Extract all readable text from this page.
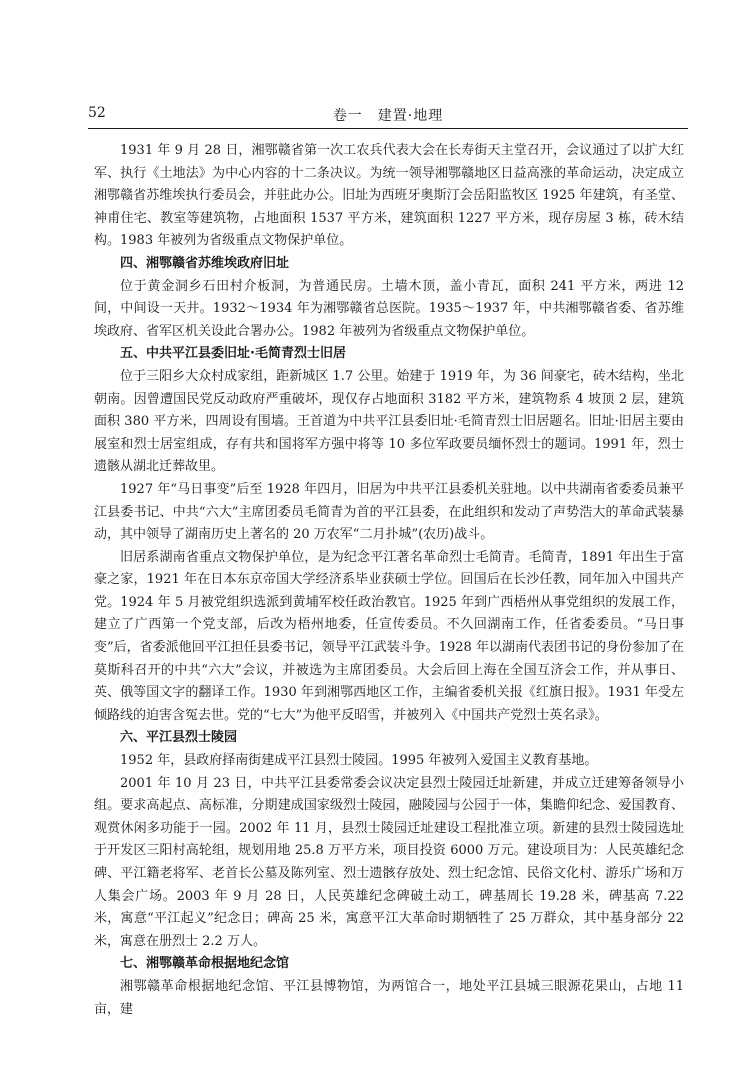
52	卷一　建置·地理

1931 年 9 月 28 日，湘鄂赣省第一次工农兵代表大会在长寿街天主堂召开，会议通过了以扩大红军、执行《土地法》为中心内容的十二条决议。为统一领导湘鄂赣地区日益高涨的革命运动，决定成立湘鄂赣省苏维埃执行委员会，并驻此办公。旧址为西班牙奥斯汀会岳阳监牧区 1925 年建筑，有圣堂、神甫住宅、教室等建筑物，占地面积 1537 平方米，建筑面积 1227 平方米，现存房屋 3 栋，砖木结构。1983 年被列为省级重点文物保护单位。

四、湘鄂赣省苏维埃政府旧址

位于黄金洞乡石田村介板洞，为普通民房。土墙木顶，盖小青瓦，面积 241 平方米，两进 12 间，中间设一天井。1932～1934 年为湘鄂赣省总医院。1935～1937 年，中共湘鄂赣省委、省苏维埃政府、省军区机关设此合署办公。1982 年被列为省级重点文物保护单位。

五、中共平江县委旧址·毛简青烈士旧居

位于三阳乡大众村成家组，距新城区 1.7 公里。始建于 1919 年，为 36 间豪宅，砖木结构，坐北朝南。因曾遭国民党反动政府严重破坏，现仅存占地面积 3182 平方米，建筑物系 4 坡顶 2 层，建筑面积 380 平方米，四周设有围墙。王首道为中共平江县委旧址·毛简青烈士旧居题名。旧址·旧居主要由展室和烈士居室组成，存有共和国将军方强中将等 10 多位军政要员缅怀烈士的题词。1991 年，烈士遗骸从湖北迁葬故里。

1927 年“马日事变”后至 1928 年四月，旧居为中共平江县委机关驻地。以中共湖南省委委员兼平江县委书记、中共“六大”主席团委员毛简青为首的平江县委，在此组织和发动了声势浩大的革命武装暴动，其中领导了湖南历史上著名的 20 万农军“二月扑城”(农历)战斗。

旧居系湖南省重点文物保护单位，是为纪念平江著名革命烈士毛简青。毛简青，1891 年出生于富豪之家，1921 年在日本东京帝国大学经济系毕业获硕士学位。回国后在长沙任教，同年加入中国共产党。1924 年 5 月被党组织选派到黄埔军校任政治教官。1925 年到广西梧州从事党组织的发展工作，建立了广西第一个党支部，后改为梧州地委，任宣传委员。不久回湖南工作，任省委委员。“马日事变”后，省委派他回平江担任县委书记，领导平江武装斗争。1928 年以湖南代表团书记的身份参加了在莫斯科召开的中共“六大”会议，并被选为主席团委员。大会后回上海在全国互济会工作，并从事日、英、俄等国文字的翻译工作。1930 年到湘鄂西地区工作，主编省委机关报《红旗日报》。1931 年受左倾路线的迫害含冤去世。党的“七大”为他平反昭雪，并被列入《中国共产党烈士英名录》。

六、平江县烈士陵园

1952 年，县政府择南街建成平江县烈士陵园。1995 年被列入爱国主义教育基地。

2001 年 10 月 23 日，中共平江县委常委会议决定县烈士陵园迁址新建，并成立迁建筹备领导小组。要求高起点、高标准，分期建成国家级烈士陵园，融陵园与公园于一体，集瞻仰纪念、爱国教育、观赏休闲多功能于一园。2002 年 11 月，县烈士陵园迁址建设工程批准立项。新建的县烈士陵园选址于开发区三阳村高轮组，规划用地 25.8 万平方米，项目投资 6000 万元。建设项目为：人民英雄纪念碑、平江籍老将军、老首长公墓及陈列室、烈士遗骸存放处、烈士纪念馆、民俗文化村、游乐广场和万人集会广场。2003 年 9 月 28 日，人民英雄纪念碑破土动工，碑基周长 19.28 米，碑基高 7.22 米，寓意“平江起义”纪念日；碑高 25 米，寓意平江大革命时期牺牲了 25 万群众，其中基身部分 22 米，寓意在册烈士 2.2 万人。

七、湘鄂赣革命根据地纪念馆

湘鄂赣革命根据地纪念馆、平江县博物馆，为两馆合一，地处平江县城三眼源花果山，占地 11 亩，建
